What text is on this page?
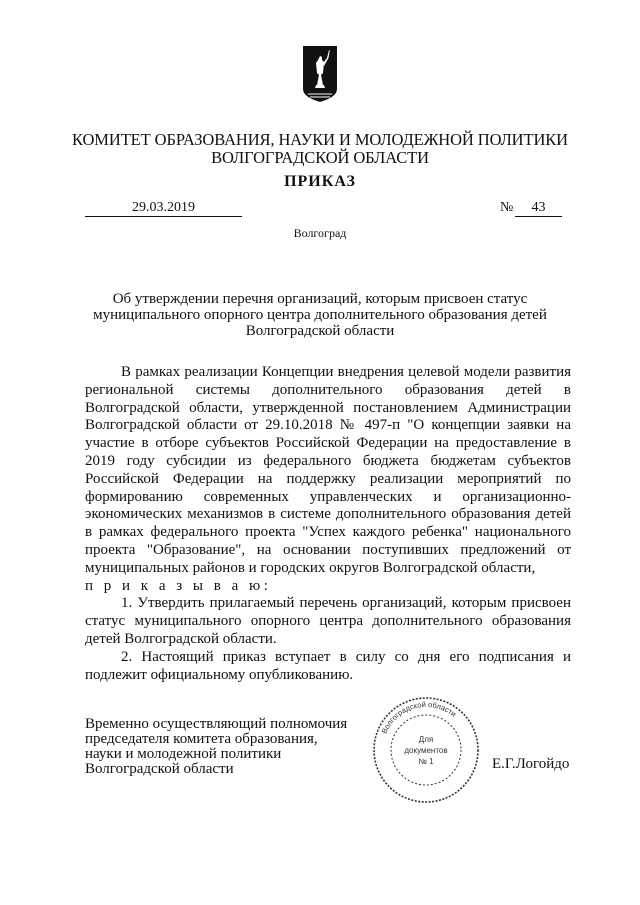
КОМИТЕТ ОБРАЗОВАНИЯ, НАУКИ И МОЛОДЕЖНОЙ ПОЛИТИКИ
ВОЛГОГРАДСКОЙ ОБЛАСТИ
ПРИКАЗ
29.03.2019	№	43
Волгоград
Об утверждении перечня организаций, которым присвоен статус
муниципального опорного центра дополнительного образования детей
Волгоградской области

В рамках реализации Концепции внедрения целевой модели развития региональной системы дополнительного образования детей в Волгоградской области, утвержденной постановлением Администрации Волгоградской области от 29.10.2018 № 497-п "О концепции заявки на участие в отборе субъектов Российской Федерации на предоставление в 2019 году субсидии из федерального бюджета бюджетам субъектов Российской Федерации на поддержку реализации мероприятий по формированию современных управленческих и организационно-экономических механизмов в системе дополнительного образования детей в рамках федерального проекта "Успех каждого ребенка" национального проекта "Образование", на основании поступивших предложений от муниципальных районов и городских округов Волгоградской области,

п р и к а з ы в а ю:

1. Утвердить прилагаемый перечень организаций, которым присвоен статус муниципального опорного центра дополнительного образования детей Волгоградской области.

2. Настоящий приказ вступает в силу со дня его подписания и подлежит официальному опубликованию.

Временно осуществляющий полномочия
председателя комитета образования,
науки и молодежной политики
Волгоградской области
Волгоградской области
Для
документов
№ 1	Е.Г.Логойдо
